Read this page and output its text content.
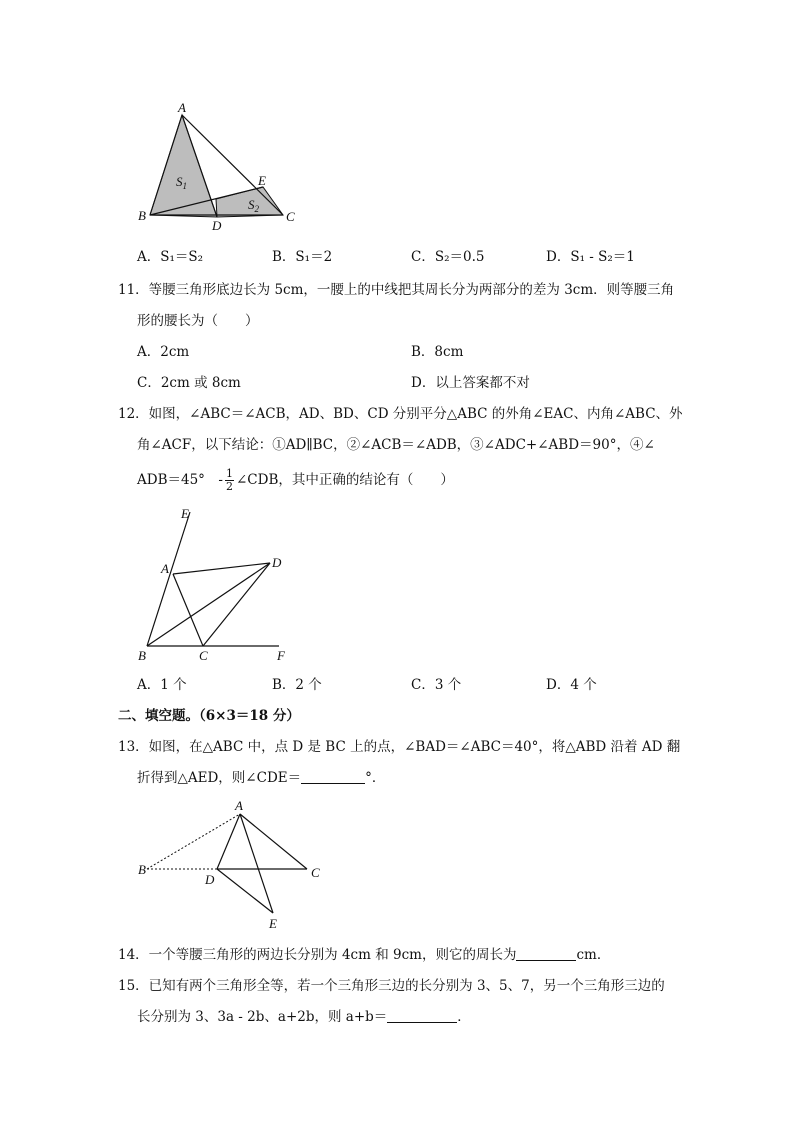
A
B	C
D
E
$S_1$
$S_2$
A．S₁＝S₂	B．S₁＝2	C．S₂＝0.5	D．S₁ - S₂＝1
11．等腰三角形底边长为 5cm，一腰上的中线把其周长分为两部分的差为 3cm．则等腰三角
形的腰长为（　　）
A．2cm	B．8cm
C．2cm 或 8cm	D．以上答案都不对
12．如图，∠ABC＝∠ACB，AD、BD、CD 分别平分△ABC 的外角∠EAC、内角∠ABC、外
角∠ACF，以下结论：①AD∥BC，②∠ACB＝∠ADB，③∠ADC+∠ABD＝90°，④∠
ADB＝45°　- $\frac{1}{2}$ ∠CDB，其中正确的结论有（　　）
E
A	D
B	C	F
A．1 个	B．2 个	C．3 个	D．4 个
二、填空题。（6×3＝18 分）
13．如图，在△ABC 中，点 D 是 BC 上的点，∠BAD＝∠ABC＝40°，将△ABD 沿着 AD 翻
折得到△AED，则∠CDE＝	°．
A
B	C
D
E
14．一个等腰三角形的两边长分别为 4cm 和 9cm，则它的周长为	cm．
15．已知有两个三角形全等，若一个三角形三边的长分别为 3、5、7，另一个三角形三边的
长分别为 3、3a - 2b、a+2b，则 a+b＝	．
